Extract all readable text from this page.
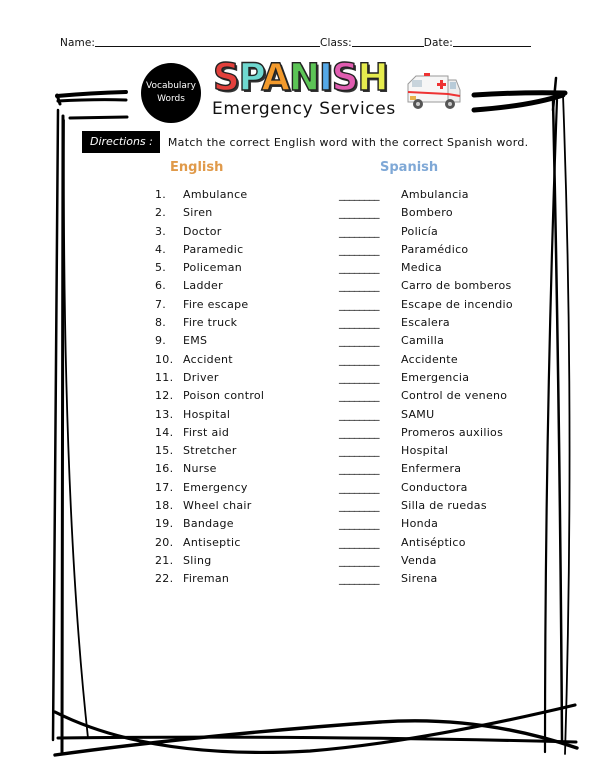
Name:	Class:	Date:
Vocabulary
Words SPANISH
Emergency Services
Directions :	Match the correct English word with the correct Spanish word.
English	Spanish
1. Ambulance	________ Ambulancia
2. Siren	________ Bombero
3. Doctor	________ Policía
4. Paramedic	________ Paramédico
5. Policeman	________ Medica
6. Ladder	________ Carro de bomberos
7. Fire escape	________ Escape de incendio
8. Fire truck	________ Escalera
9. EMS	________ Camilla
10. Accident	________ Accidente
11. Driver	________ Emergencia
12. Poison control	________ Control de veneno
13. Hospital	________ SAMU
14. First aid	________ Promeros auxilios
15. Stretcher	________ Hospital
16. Nurse	________ Enfermera
17. Emergency	________ Conductora
18. Wheel chair	________ Silla de ruedas
19. Bandage	________ Honda
20. Antiseptic	________ Antiséptico
21. Sling	________ Venda
22. Fireman	________ Sirena
